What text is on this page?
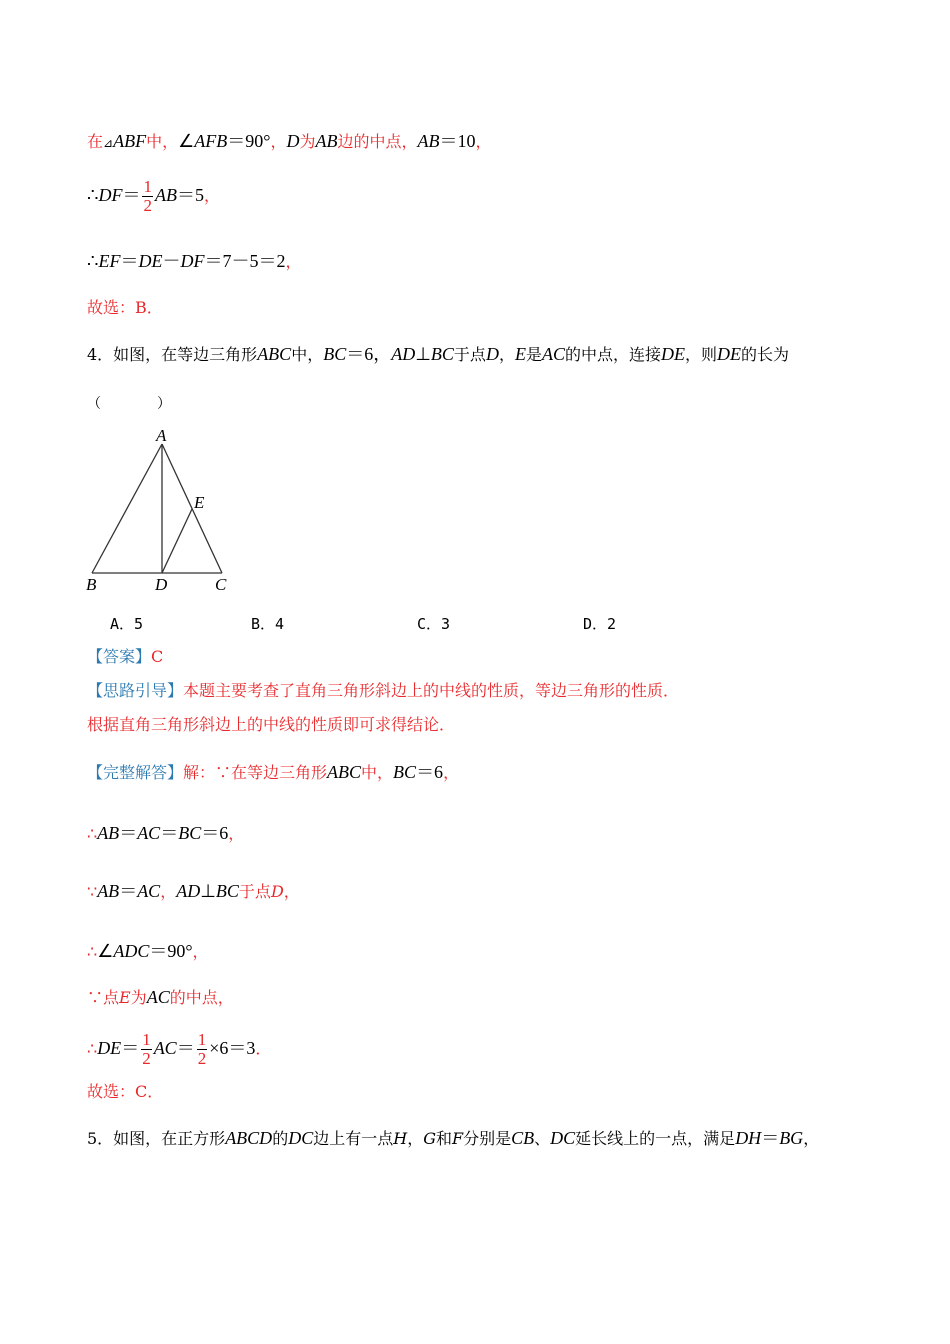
在⊿ABF中，∠AFB＝90°，D为AB边的中点，AB＝10，
∴DF＝ $\frac{1}{2} AB=5$，
∴EF＝DE－DF＝7－5＝2，
故选：B．
4．如图，在等边三角形ABC中，BC＝6，AD⊥BC于点D，E是AC的中点，连接DE，则DE的长为
（　　　　）
A
E
B	D	C
A．5	B．4	C．3	D．2
【答案】C
【思路引导】本题主要考查了直角三角形斜边上的中线的性质，等边三角形的性质．
根据直角三角形斜边上的中线的性质即可求得结论．
【完整解答】解：∵在等边三角形ABC中，BC＝6，
∴AB＝AC＝BC＝6，
∵AB＝AC，AD⊥BC于点D，
∴∠ADC＝90°，
∵点E为AC的中点，
∴DE＝ $\frac{1}{2} AC= \frac{1}{2} \times 6=3$．
故选：C．
5．如图，在正方形ABCD的DC边上有一点H，G和F分别是CB、DC延长线上的一点，满足DH＝BG，
